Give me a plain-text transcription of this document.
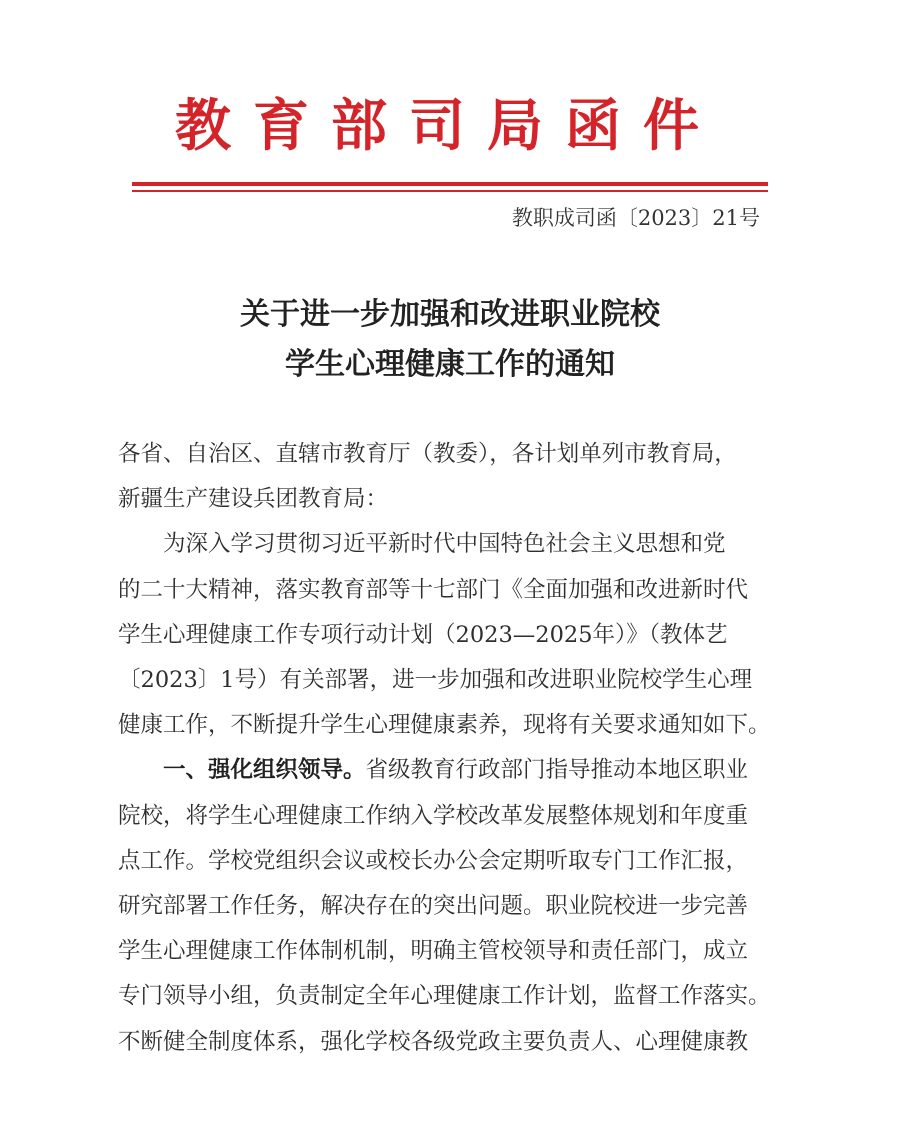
教育部司局函件
教职成司函〔2023〕21号
关于进一步加强和改进职业院校
学生心理健康工作的通知

各省、自治区、直辖市教育厅（教委），各计划单列市教育局，
新疆生产建设兵团教育局：

为深入学习贯彻习近平新时代中国特色社会主义思想和党
的二十大精神，落实教育部等十七部门《全面加强和改进新时代
学生心理健康工作专项行动计划（2023—2025年）》（教体艺
〔2023〕1号）有关部署，进一步加强和改进职业院校学生心理
健康工作，不断提升学生心理健康素养，现将有关要求通知如下。

一、强化组织领导。省级教育行政部门指导推动本地区职业
院校，将学生心理健康工作纳入学校改革发展整体规划和年度重
点工作。学校党组织会议或校长办公会定期听取专门工作汇报，
研究部署工作任务，解决存在的突出问题。职业院校进一步完善
学生心理健康工作体制机制，明确主管校领导和责任部门，成立
专门领导小组，负责制定全年心理健康工作计划，监督工作落实。
不断健全制度体系，强化学校各级党政主要负责人、心理健康教
